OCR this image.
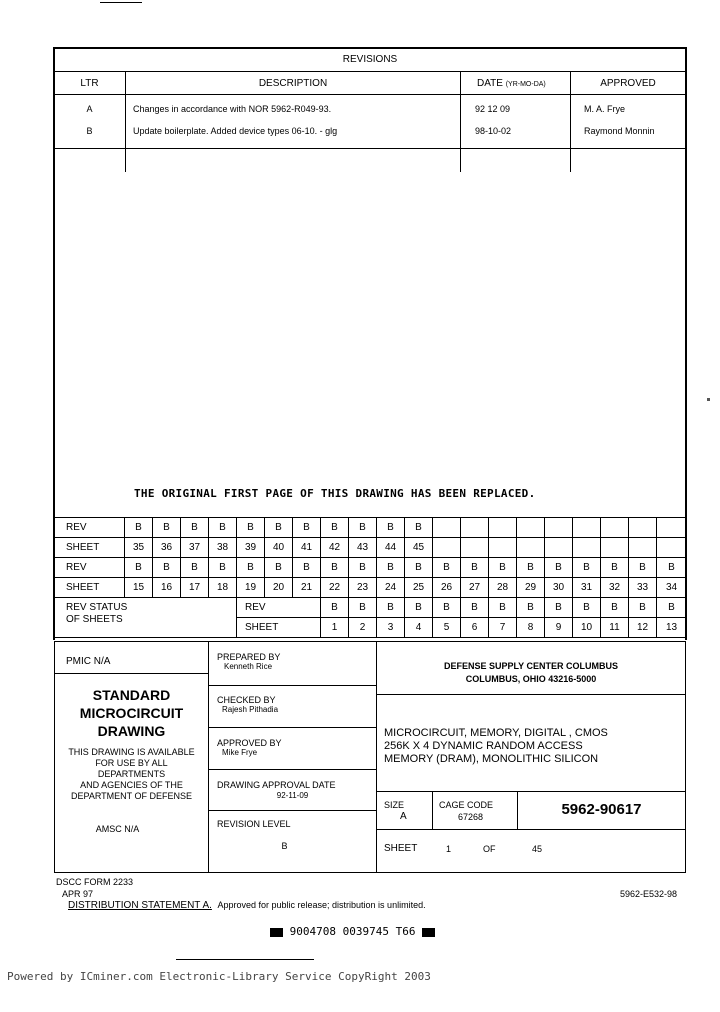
REVISIONS
LTR	DESCRIPTION	DATE (YR-MO-DA)	APPROVED
A	Changes in accordance with NOR 5962-R049-93.	92 12 09	M. A. Frye
B	Update boilerplate. Added device types 06-10. - glg	98-10-02	Raymond Monnin
THE ORIGINAL FIRST PAGE OF THIS DRAWING HAS BEEN REPLACED.
REV	B	B	B	B	B	B	B	B	B	B	B										
SHEET	35	36	37	38	39	40	41	42	43	44	45										
REV	B	B	B	B	B	B	B	B	B	B	B	B	B	B	B	B	B	B	B	B	
SHEET	15	16	17	18	19	20	21	22	23	24	25	26	27	28	29	30	31	32	33	34	
REV STATUS
OF SHEETS					REV			B	B	B	B	B	B	B	B	B	B	B	B	B	
					SHEET			1	2	3	4	5	6	7	8	9	10	11	12	13	
PMIC N/A
STANDARD
MICROCIRCUIT
DRAWING
THIS DRAWING IS AVAILABLE
FOR USE BY ALL
DEPARTMENTS
AND AGENCIES OF THE
DEPARTMENT OF DEFENSE
AMSC N/A
PREPARED BY
Kenneth Rice
CHECKED BY
Rajesh Pithadia
APPROVED BY
Mike Frye
DRAWING APPROVAL DATE
92-11-09
REVISION LEVEL
B
DEFENSE SUPPLY CENTER COLUMBUS
COLUMBUS, OHIO 43216-5000
MICROCIRCUIT, MEMORY, DIGITAL , CMOS
256K X 4 DYNAMIC RANDOM ACCESS
MEMORY (DRAM), MONOLITHIC SILICON
SIZE
A
CAGE CODE
67268	5962-90617
SHEET	1	OF	45
DSCC FORM 2233
APR 97	5962-E532-98
DISTRIBUTION STATEMENT A. Approved for public release; distribution is unlimited.
9004708 0039745 T66
Powered by ICminer.com Electronic-Library Service CopyRight 2003
